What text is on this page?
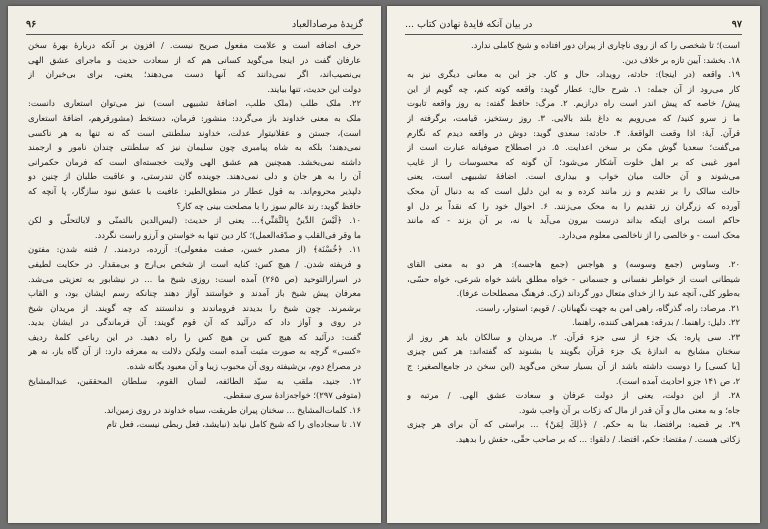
گزیدهٔ مرصادالعباد
۹۶
حرف اضافه است و علامت مفعول صریح نیست. / افزون بر آنکه دربارهٔ بهرهٔ سخن
عارفان گفت در اینجا می‌گوید کسانی هم که از سعادت حدیث و ماجرای عشق الهی
بی‌نصیب‌اند، اگر نمی‌دانند که آنها دست می‌دهند؛ یعنی، برای بی‌خبران از
دولت این حدیث، تنها بیایند.
۲۲. ملک طلب (ملک طلب، اضافهٔ تشبیهی است) نیز می‌توان استعاری دانست:
ملک به معنی خداوند باز می‌گردد: منشور: فرمان، دستخط (مشورقرهم، اضافهٔ استعاری
است)، جستن و عقلانیتوار عدلت، خداوند سلطنتی است که نه تنها به هر ناکسی
نمی‌دهند؛ بلکه به شاه پیامبری چون سلیمان نیز که سلطنتی چندان نامور و ارجمند
داشته نمی‌بخشد. همچنین هم عشق الهی ولایت خجسته‌ای است که فرمان حکمرانی
آن را به هر جان و دلی نمی‌دهند. جوینده گان تندرستی، و عاقبت طلبان از چنین دو
دلپذیر محروم‌اند. به قول عطار در منطق‌الطیر: عافیت با عشق نبود سازگار، پا آنچه که
حافظ گوید: رند عالم سوز را با مصلحت بینی چه کار؟
۱۰. ﴿لَيْسَ الدِّينُ بِالتَّمَنِّي﴾... یعنی از حدیث: (لیس‌الدین بالتمنّی و لابالتحلّی و لکن
ما وقر فی‌القلب و صدّقه‌العمل)؛ کار دین تنها به خواستن و آرزو راست نگردد.
۱۱. ﴿خُسْنَة﴾ (از مصدر خسن، صفت مفعولی): آزرده، دردمند. / فتنه شدن: مفتون
و فریفته شدن. / هیچ کس: کنایه است از شخص بی‌ارج و بی‌مقدار. در حکایت لطیفی
در اسرارالتوحید (ص ۲۶۵) آمده است: روزی شیخ ما ... در نیشابور به تعزیتی می‌شد.
معرفان پیش شیخ باز آمدند و خواستند آواز دهند چنانکه رسم ایشان بود، و القاب
برشمرند. چون شیخ را بدیدند فروماندند و ندانستند که چه گویند. از مریدان شیخ
در روی و آواز داد که درآئید که آن قوم گویند: آن فرماندگی در ایشان بدید.
گفت: درآئید که هیچ کس بن هیچ کس را راه دهید. در این رباعی کلمهٔ ردیف
«کسی» گرچه به صورت مثبت آمده است ولیکن دلالت به معرفه دارد: از آن گاه باز، نه هر
در مصراع دوم، بن‌شیفته روی آن محبوب زیبا و آن معبود یگانه شده.
۱۲. جنید، ملقب به سیّد الطائفه، لسان القوم، سلطان المحققین، عبدالمشایخ
(متوفی ۲۹۷)؛ خواجه‌زادهٔ سری سقطی.
۱۶. کلمات‌المشایخ ... سخنان پیران طریقت، سیاه خداوند در روی زمین‌اند.
۱۷. تا سجاده‌ای را که شیخ کامل نیابد (نبایشد، فعل ربطی نیست، فعل تام
۹۷
در بیان آنکه فایدهٔ نهادن کتاب ...
است)؛ تا شخصی را که از روی ناچاری از پیران دور افتاده و شیخ کاملی ندارد.
۱۸. بخشد: آیین تازه بر خلاف دین.
۱۹. واقعه (در اینجا): حادثه، رویداد، حال و کار. جز این به معانی دیگری نیز به
کار می‌رود از آن جمله: ۱. شرح حال: عطار گوید: واقعه کوته کنم، چه گویم از این
پیش/ خاصه که پیش اندر است راه درازیم. ۲. مرگ: حافظ گفته: به روز واقعه تابوت
ما ز سرو کنید/ که می‌رویم به داغ بلند بالایی. ۳. روز رستخیز، قیامت، برگرفته از
قرآن. آیهٔ: اذا وقعت الواقعهٔ. ۴. حادثه: سعدی گوید: دوش در واقعه دیدم که نگارم
می‌گفت؛ سعدیا گوش مکن بر سخن اعدایت. ۵. در اصطلاح صوفیانه عبارت است از
امور غیبی که بر اهل خلوت آشکار می‌شود؛ آن گونه که محسوسات را از غایب
می‌شوند و آن حالت میان خواب و بیداری است. اضافهٔ تشبیهی است، یعنی
حالت سالک را بر تقدیم و زر مانند کرده و به این دلیل است که به دنبال آن محک
آورده که زرگران زر تقدیم را به محک می‌زنند. ۶. احوال خود را که نقداً بر دل او
حاکم است برای اینکه بداند درست بیرون می‌آید یا نه، بر آن بزند - که مانند
محک است - و خالصی را از ناخالصی معلوم می‌دارد.
۲۰. وساوس (جمع وسوسه) و هواجس (جمع هاجسه): هر دو به معنی القای
شیطانی است از خواطر نفسانی و جسمانی - خواه مطلق باشد خواه شرعی، خواه حسّی،
به‌طور کلی، آنچه عبد را از خدای متعال دور گرداند (رک. فرهنگ مصطلحات عرفا).
۲۱. مرصاد: راه، گذرگاه، راهی امن به جهت نگهبانان. / قویم: استوار، راست.
۲۲. دلیل: راهنما. / بدرقه: همراهی کننده، راهنما.
۲۳. سی پاره: یک جزء از سی جزء قرآن. ۲. مریدان و سالکان باید هر روز از
سخنان مشایخ به اندازهٔ یک جزء قرآن بگویند یا بشنوند که گفته‌اند: هر کس چیزی
[یا کسی] را دوست داشته باشد از آن بسیار سخن می‌گوید (این سخن در جامع‌الصغیر: ج
۲، ص ۱۴۱ جزو احادیث آمده است).
۲۸. از این دولت، یعنی از دولت عرفان و سعادت عشق الهی. / مرتبه و
جاه؛ و به معنی مال و آن قدر از مال که زکات بر آن واجب شود.
۲۹. بر قضیه: برافتضا، بنا به حکم. / ﴿ذٰلِكَ لِمَنْ﴾ ... براستی که آن برای هر چیزی
زکاتی هست. / مقتضا: حکم، اقتضا. / دلقوا: ... که بر صاحب حقّی، حقش را بدهید.
